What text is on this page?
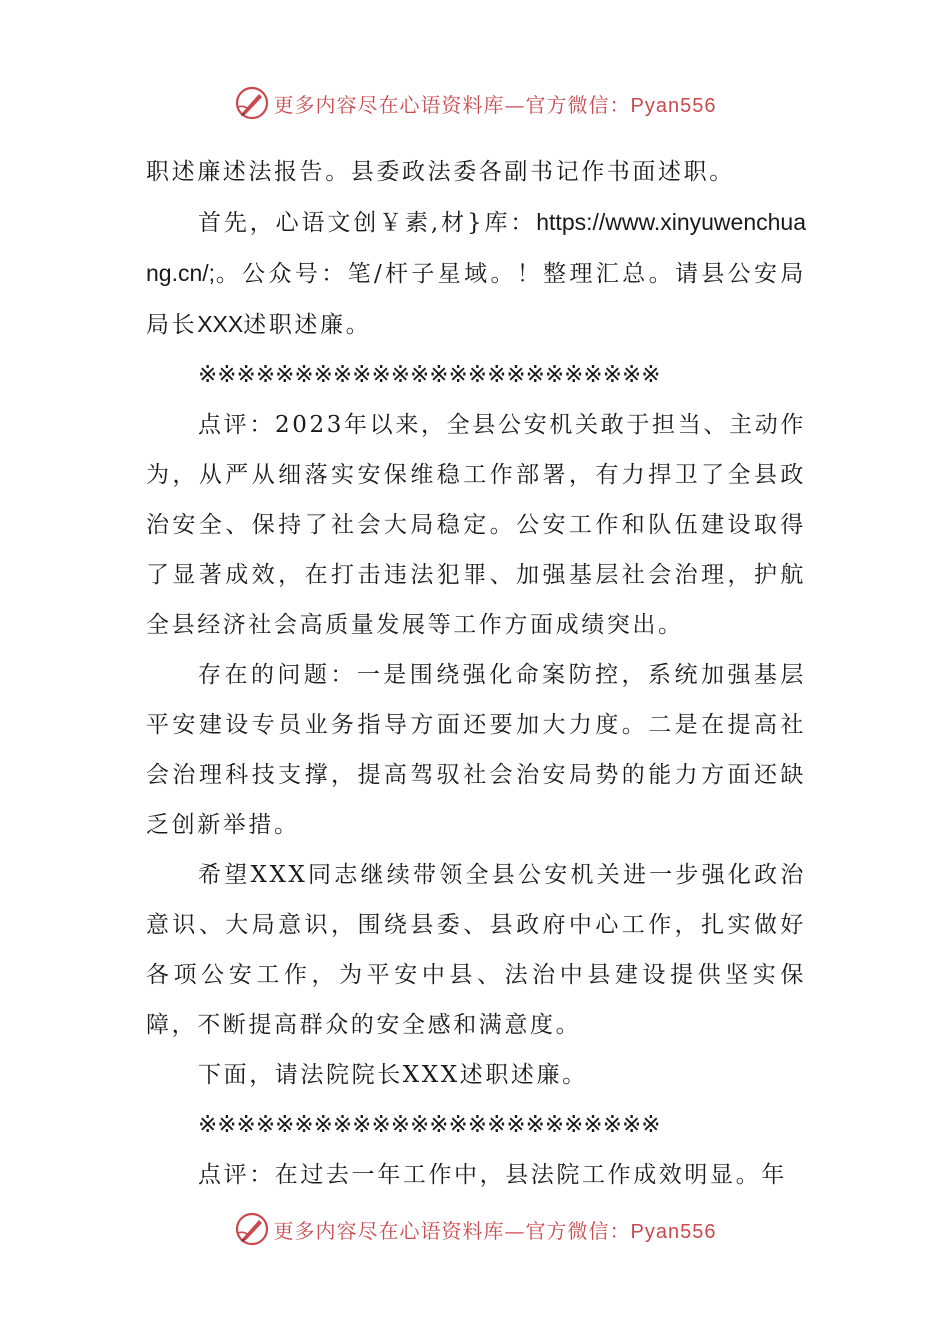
更多内容尽在心语资料库—官方微信：Pyan556

职述廉述法报告。县委政法委各副书记作书面述职。

首先，心语文创￥素,材}库：https://www.xinyuwenchuang.cn/;。公众号：笔/杆子星域。！整理汇总。请县公安局局长XXX述职述廉。

※※※※※※※※※※※※※※※※※※※※※※※※

点评：2023年以来，全县公安机关敢于担当、主动作为，从严从细落实安保维稳工作部署，有力捍卫了全县政治安全、保持了社会大局稳定。公安工作和队伍建设取得了显著成效，在打击违法犯罪、加强基层社会治理，护航全县经济社会高质量发展等工作方面成绩突出。

存在的问题：一是围绕强化命案防控，系统加强基层平安建设专员业务指导方面还要加大力度。二是在提高社会治理科技支撑，提高驾驭社会治安局势的能力方面还缺乏创新举措。

希望XXX同志继续带领全县公安机关进一步强化政治意识、大局意识，围绕县委、县政府中心工作，扎实做好各项公安工作，为平安中县、法治中县建设提供坚实保障，不断提高群众的安全感和满意度。

下面，请法院院长XXX述职述廉。

※※※※※※※※※※※※※※※※※※※※※※※※

点评：在过去一年工作中，县法院工作成效明显。年

更多内容尽在心语资料库—官方微信：Pyan556
